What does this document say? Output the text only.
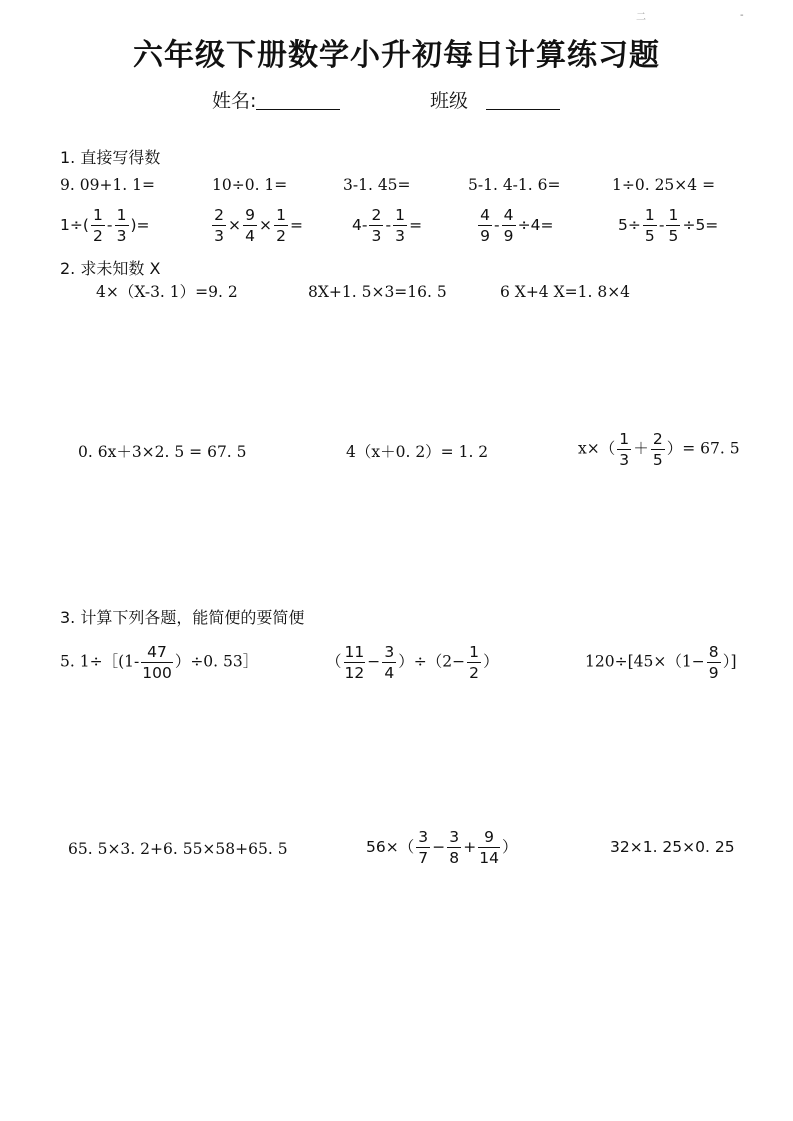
二	-
六年级下册数学小升初每日计算练习题
姓名:	班级
1. 直接写得数
9. 09+1. 1=	10÷0. 1=	3-1. 45=	5-1. 4-1. 6=	1÷0. 25×4 =
$1\div( \frac{1}{2} - \frac{1}{3}$ )=	$\frac{2}{3} \times \frac{9}{4} \times \frac{1}{2}$ =	$4- \frac{2}{3} - \frac{1}{3}$ =	$\frac{4}{9} - \frac{4}{9} \div 4=$	$5\div \frac{1}{5} - \frac{1}{5} \div 5=$
2. 求未知数 X
4×（X-3. 1）=9. 2	8X+1. 5×3=16. 5	6 X+4 X=1. 8×4
0. 6x＋3×2. 5 = 67. 5	4（x＋0. 2）= 1. 2	$x\times( \frac{1}{3} + \frac{2}{5}$ ）= 67. 5
3. 计算下列各题，能简便的要简便
5. 1÷［(1- $\frac{47}{100} )\div 0$. 53］	（ $\frac{11}{12} - \frac{3}{4} )\div(2- \frac{1}{2}$ ）	$120\div[45\times(1- \frac{8}{9}$ ）]
65. 5×3. 2+6. 55×58+65. 5	$56\times( \frac{3}{7} - \frac{3}{8} + \frac{9}{14}$ ）	32×1. 25×0. 25
